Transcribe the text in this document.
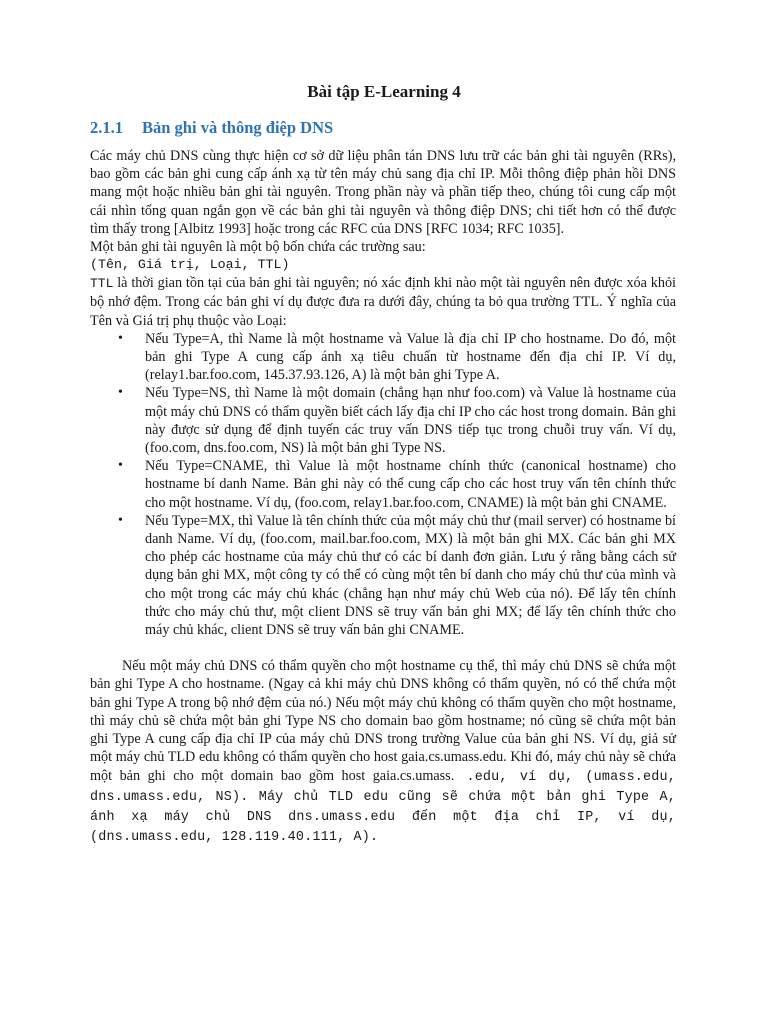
Bài tập E-Learning 4
2.1.1 Bản ghi và thông điệp DNS

Các máy chủ DNS cùng thực hiện cơ sở dữ liệu phân tán DNS lưu trữ các bản ghi tài nguyên (RRs), bao gồm các bản ghi cung cấp ánh xạ từ tên máy chủ sang địa chỉ IP. Mỗi thông điệp phản hồi DNS mang một hoặc nhiều bản ghi tài nguyên. Trong phần này và phần tiếp theo, chúng tôi cung cấp một cái nhìn tổng quan ngắn gọn về các bản ghi tài nguyên và thông điệp DNS; chi tiết hơn có thể được tìm thấy trong [Albitz 1993] hoặc trong các RFC của DNS [RFC 1034; RFC 1035].

Một bản ghi tài nguyên là một bộ bốn chứa các trường sau:

(Tên, Giá trị, Loại, TTL)

TTL là thời gian tồn tại của bản ghi tài nguyên; nó xác định khi nào một tài nguyên nên được xóa khỏi bộ nhớ đệm. Trong các bản ghi ví dụ được đưa ra dưới đây, chúng ta bỏ qua trường TTL. Ý nghĩa của Tên và Giá trị phụ thuộc vào Loại:

• Nếu Type=A, thì Name là một hostname và Value là địa chỉ IP cho hostname. Do đó, một bản ghi Type A cung cấp ánh xạ tiêu chuẩn từ hostname đến địa chỉ IP. Ví dụ, (relay1.bar.foo.com, 145.37.93.126, A) là một bản ghi Type A.
• Nếu Type=NS, thì Name là một domain (chẳng hạn như foo.com) và Value là hostname của một máy chủ DNS có thẩm quyền biết cách lấy địa chỉ IP cho các host trong domain. Bản ghi này được sử dụng để định tuyến các truy vấn DNS tiếp tục trong chuỗi truy vấn. Ví dụ, (foo.com, dns.foo.com, NS) là một bản ghi Type NS.
• Nếu Type=CNAME, thì Value là một hostname chính thức (canonical hostname) cho hostname bí danh Name. Bản ghi này có thể cung cấp cho các host truy vấn tên chính thức cho một hostname. Ví dụ, (foo.com, relay1.bar.foo.com, CNAME) là một bản ghi CNAME.
• Nếu Type=MX, thì Value là tên chính thức của một máy chủ thư (mail server) có hostname bí danh Name. Ví dụ, (foo.com, mail.bar.foo.com, MX) là một bản ghi MX. Các bản ghi MX cho phép các hostname của máy chủ thư có các bí danh đơn giản. Lưu ý rằng bằng cách sử dụng bản ghi MX, một công ty có thể có cùng một tên bí danh cho máy chủ thư của mình và cho một trong các máy chủ khác (chẳng hạn như máy chủ Web của nó). Để lấy tên chính thức cho máy chủ thư, một client DNS sẽ truy vấn bản ghi MX; để lấy tên chính thức cho máy chủ khác, client DNS sẽ truy vấn bản ghi CNAME.

Nếu một máy chủ DNS có thẩm quyền cho một hostname cụ thể, thì máy chủ DNS sẽ chứa một bản ghi Type A cho hostname. (Ngay cả khi máy chủ DNS không có thẩm quyền, nó có thể chứa một bản ghi Type A trong bộ nhớ đệm của nó.) Nếu một máy chủ không có thẩm quyền cho một hostname, thì máy chủ sẽ chứa một bản ghi Type NS cho domain bao gồm hostname; nó cũng sẽ chứa một bản ghi Type A cung cấp địa chỉ IP của máy chủ DNS trong trường Value của bản ghi NS. Ví dụ, giả sử một máy chủ TLD edu không có thẩm quyền cho host gaia.cs.umass.edu. Khi đó, máy chủ này sẽ chứa một bản ghi cho một domain bao gồm host gaia.cs.umass. .edu, ví dụ, (umass.edu, dns.umass.edu, NS). Máy chủ TLD edu cũng sẽ chứa một bản ghi Type A, ánh xạ máy chủ DNS dns.umass.edu đến một địa chỉ IP, ví dụ, (dns.umass.edu, 128.119.40.111, A).
